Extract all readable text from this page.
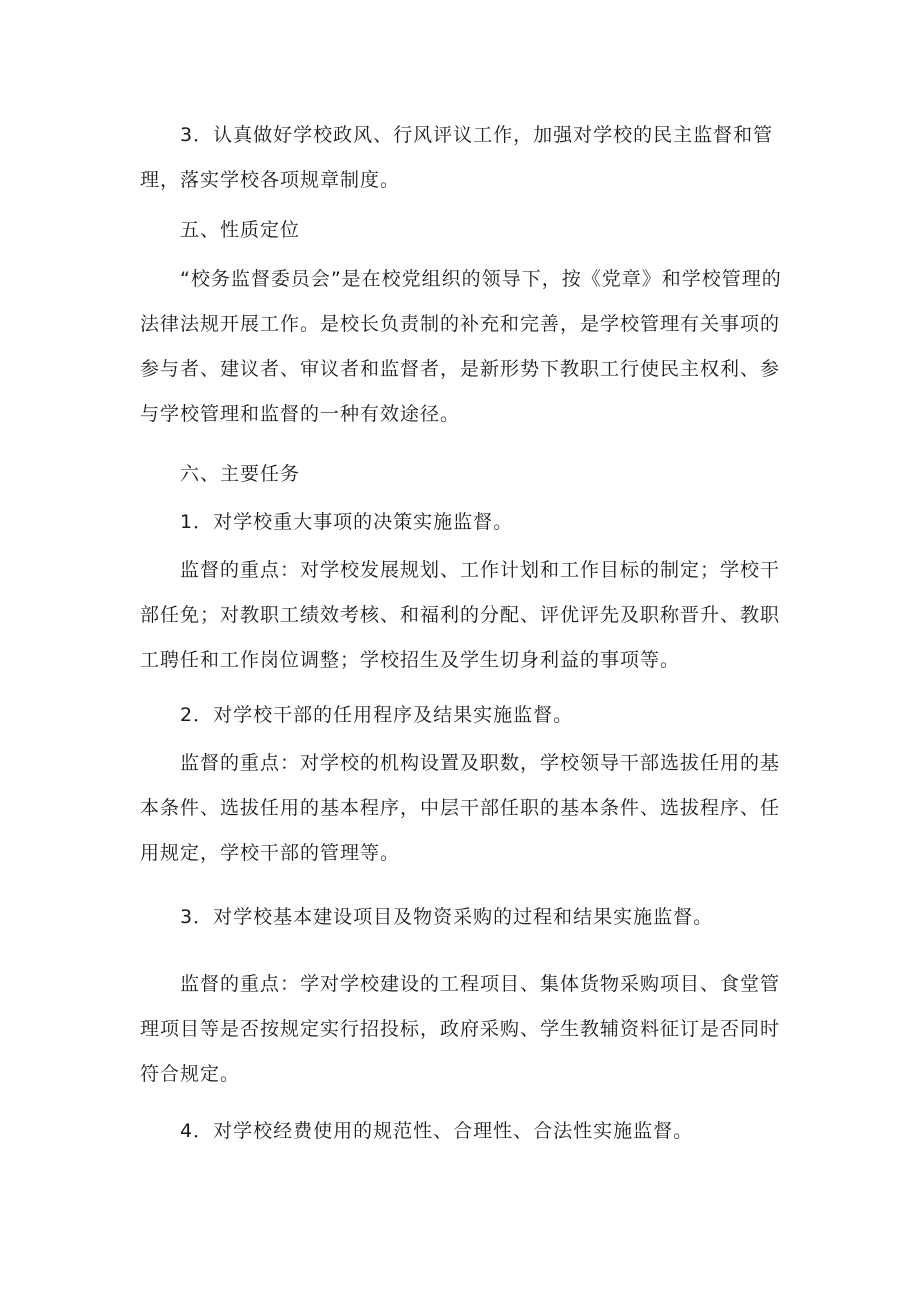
3．认真做好学校政风、行风评议工作，加强对学校的民主监督和管理，落实学校各项规章制度。

五、性质定位

“校务监督委员会”是在校党组织的领导下，按《党章》和学校管理的法律法规开展工作。是校长负责制的补充和完善，是学校管理有关事项的参与者、建议者、审议者和监督者，是新形势下教职工行使民主权利、参与学校管理和监督的一种有效途径。

六、主要任务

1．对学校重大事项的决策实施监督。

监督的重点：对学校发展规划、工作计划和工作目标的制定；学校干部任免；对教职工绩效考核、和福利的分配、评优评先及职称晋升、教职工聘任和工作岗位调整；学校招生及学生切身利益的事项等。

2．对学校干部的任用程序及结果实施监督。

监督的重点：对学校的机构设置及职数，学校领导干部选拔任用的基本条件、选拔任用的基本程序，中层干部任职的基本条件、选拔程序、任用规定，学校干部的管理等。

3．对学校基本建设项目及物资采购的过程和结果实施监督。

监督的重点：学对学校建设的工程项目、集体货物采购项目、食堂管理项目等是否按规定实行招投标，政府采购、学生教辅资料征订是否同时符合规定。

4．对学校经费使用的规范性、合理性、合法性实施监督。
